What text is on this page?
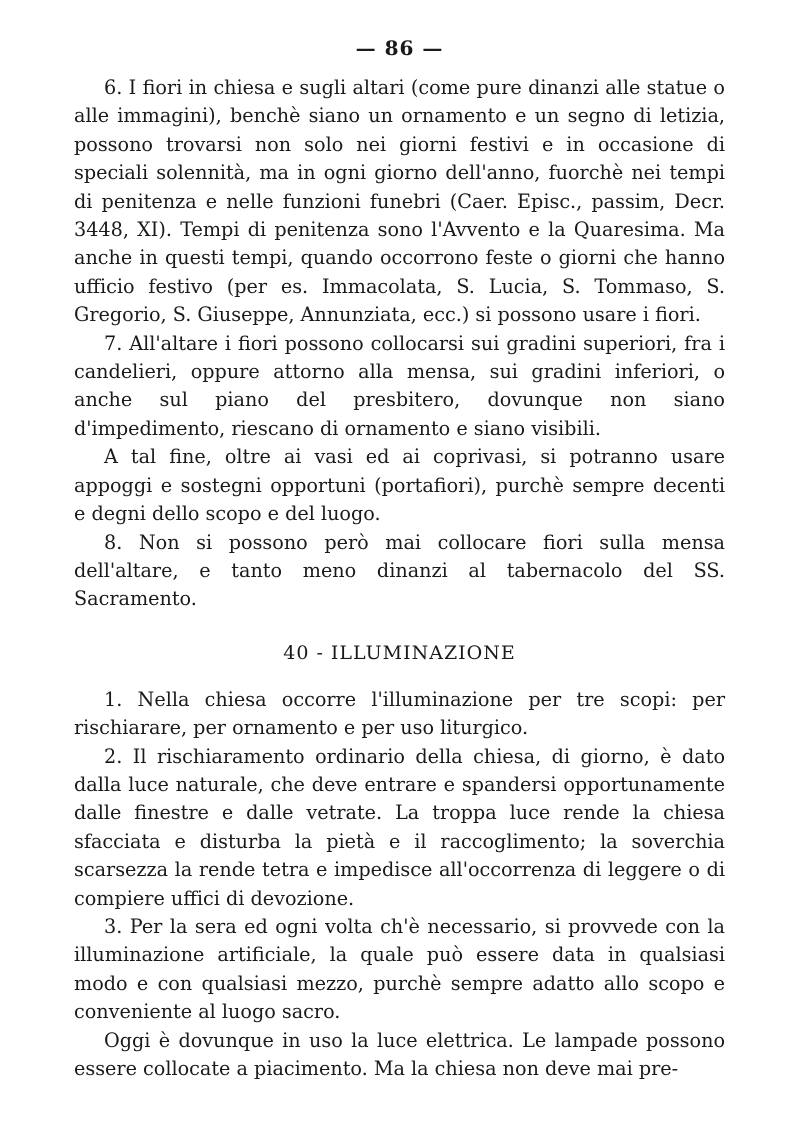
— 86 —

6. I fiori in chiesa e sugli altari (come pure dinanzi alle statue o alle immagini), benchè siano un ornamento e un segno di letizia, possono trovarsi non solo nei giorni festivi e in occasione di speciali solennità, ma in ogni giorno dell'anno, fuorchè nei tempi di penitenza e nelle funzioni funebri (Caer. Episc., passim, Decr. 3448, XI). Tempi di penitenza sono l'Avvento e la Quaresima. Ma anche in questi tempi, quando occorrono feste o giorni che hanno ufficio festivo (per es. Immacolata, S. Lucia, S. Tommaso, S. Gregorio, S. Giuseppe, Annunziata, ecc.) si possono usare i fiori.

7. All'altare i fiori possono collocarsi sui gradini superiori, fra i candelieri, oppure attorno alla mensa, sui gradini inferiori, o anche sul piano del presbitero, dovunque non siano d'impedimento, riescano di ornamento e siano visibili.

A tal fine, oltre ai vasi ed ai coprivasi, si potranno usare appoggi e sostegni opportuni (portafiori), purchè sempre decenti e degni dello scopo e del luogo.

8. Non si possono però mai collocare fiori sulla mensa dell'altare, e tanto meno dinanzi al tabernacolo del SS. Sacramento.

40 - ILLUMINAZIONE

1. Nella chiesa occorre l'illuminazione per tre scopi: per rischiarare, per ornamento e per uso liturgico.

2. Il rischiaramento ordinario della chiesa, di giorno, è dato dalla luce naturale, che deve entrare e spandersi opportunamente dalle finestre e dalle vetrate. La troppa luce rende la chiesa sfacciata e disturba la pietà e il raccoglimento; la soverchia scarsezza la rende tetra e impedisce all'occorrenza di leggere o di compiere uffici di devozione.

3. Per la sera ed ogni volta ch'è necessario, si provvede con la illuminazione artificiale, la quale può essere data in qualsiasi modo e con qualsiasi mezzo, purchè sempre adatto allo scopo e conveniente al luogo sacro.

Oggi è dovunque in uso la luce elettrica. Le lampade possono essere collocate a piacimento. Ma la chiesa non deve mai pre-
